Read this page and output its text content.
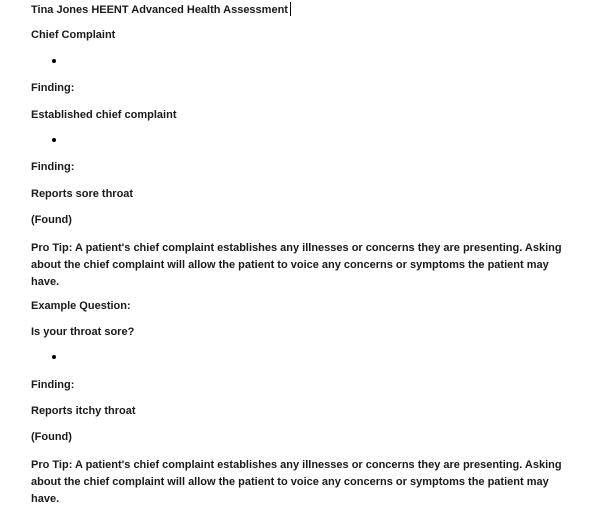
Tina Jones HEENT Advanced Health Assessment
Chief Complaint
Finding:
Established chief complaint
Finding:
Reports sore throat
(Found)
Pro Tip: A patient's chief complaint establishes any illnesses or concerns they are presenting. Asking about the chief complaint will allow the patient to voice any concerns or symptoms the patient may have.
Example Question:
Is your throat sore?
Finding:
Reports itchy throat
(Found)
Pro Tip: A patient's chief complaint establishes any illnesses or concerns they are presenting. Asking about the chief complaint will allow the patient to voice any concerns or symptoms the patient may have.
